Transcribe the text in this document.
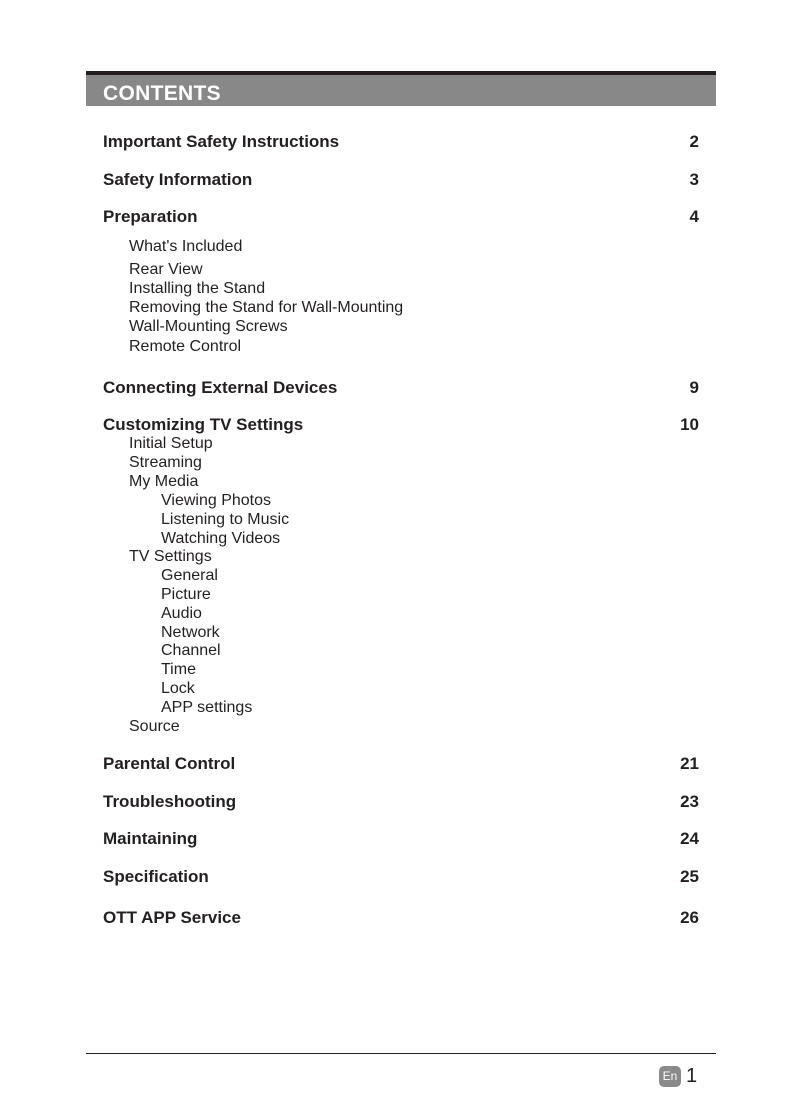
CONTENTS
Important Safety Instructions	2
Safety Information	3
Preparation	4
What's Included
Rear View
Installing the Stand
Removing the Stand for Wall-Mounting
Wall-Mounting Screws
Remote Control
Connecting External Devices	9
Customizing TV Settings	10
Initial Setup
Streaming
My Media
Viewing Photos
Listening to Music
Watching Videos
TV Settings
General
Picture
Audio
Network
Channel
Time
Lock
APP settings
Source
Parental Control	21
Troubleshooting	23
Maintaining	24
Specification	25
OTT APP Service	26
En 1
